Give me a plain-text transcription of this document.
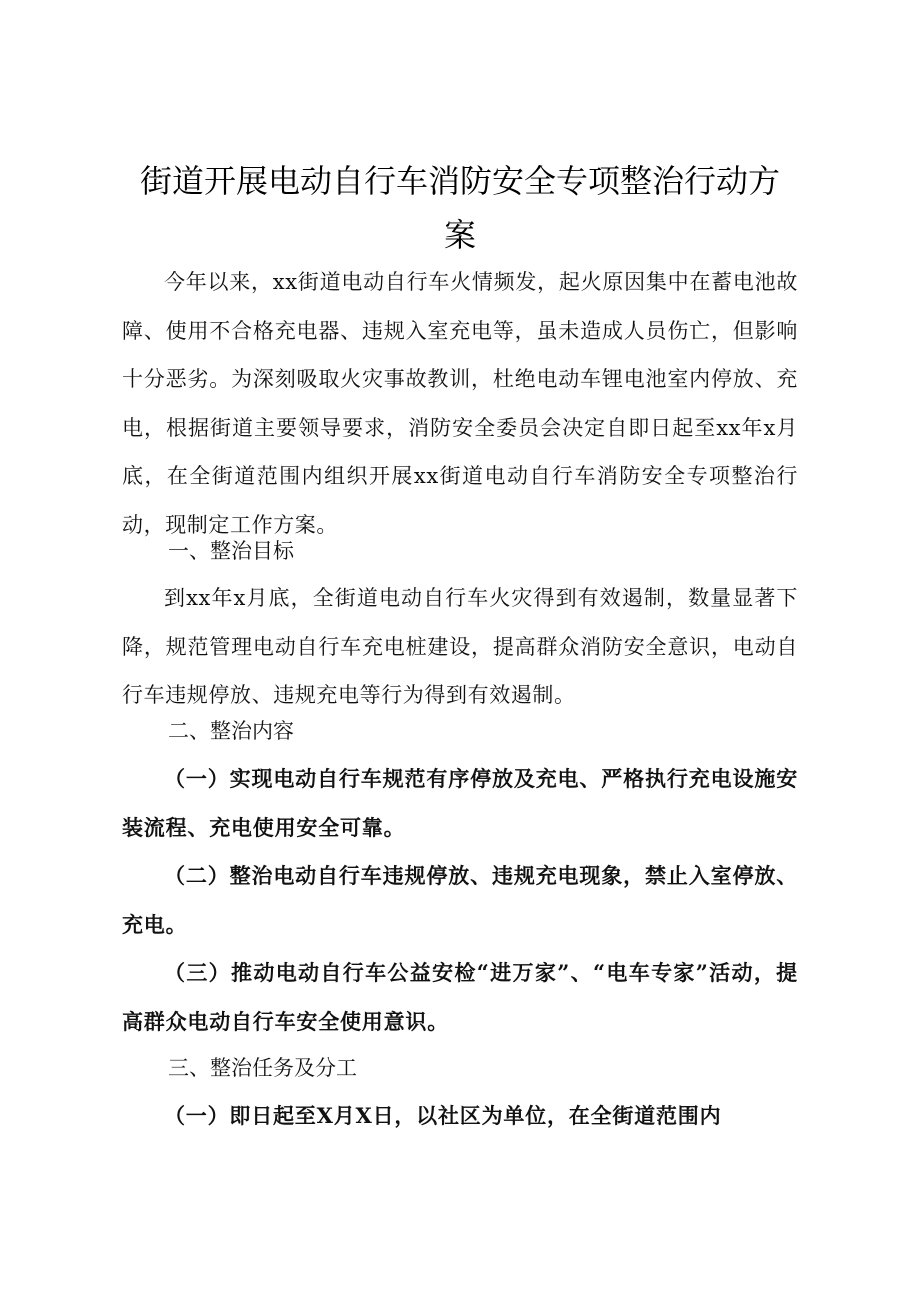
街道开展电动自行车消防安全专项整治行动方
案

今年以来，xx街道电动自行车火情频发，起火原因集中在蓄电池故障、使用不合格充电器、违规入室充电等，虽未造成人员伤亡，但影响十分恶劣。为深刻吸取火灾事故教训，杜绝电动车锂电池室内停放、充电，根据街道主要领导要求，消防安全委员会决定自即日起至xx年x月底，在全街道范围内组织开展xx街道电动自行车消防安全专项整治行动，现制定工作方案。

一、整治目标

到xx年x月底，全街道电动自行车火灾得到有效遏制，数量显著下降，规范管理电动自行车充电桩建设，提高群众消防安全意识，电动自行车违规停放、违规充电等行为得到有效遏制。

二、整治内容

（一）实现电动自行车规范有序停放及充电、严格执行充电设施安装流程、充电使用安全可靠。

（二）整治电动自行车违规停放、违规充电现象，禁止入室停放、充电。

（三）推动电动自行车公益安检“进万家”、“电车专家”活动，提高群众电动自行车安全使用意识。

三、整治任务及分工

（一）即日起至X月X日，以社区为单位，在全街道范围内
